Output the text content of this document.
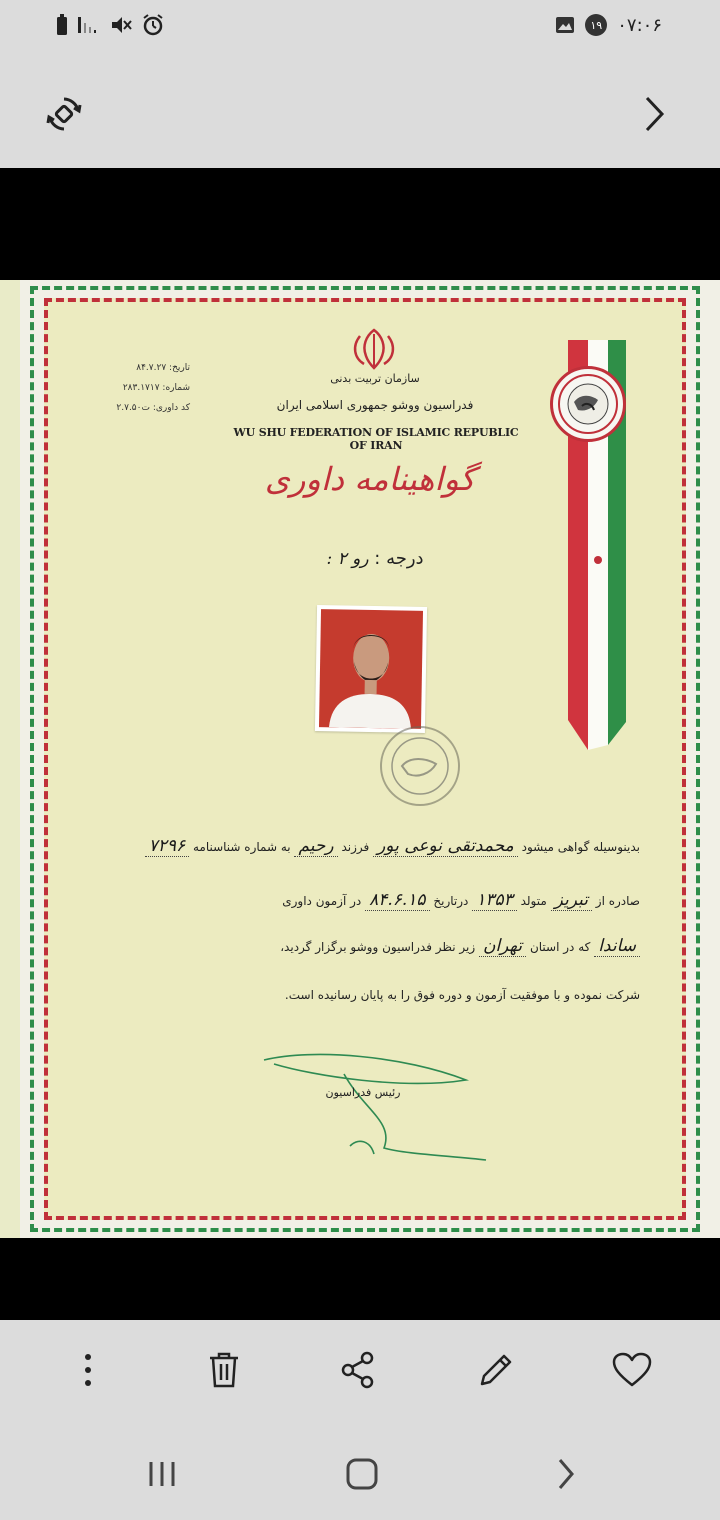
۱۹ ۰۷:۰۶
سازمان تربیت بدنی
فدراسیون ووشو جمهوری اسلامی ایران
WU SHU FEDERATION OF ISLAMIC REPUBLIC OF IRAN
تاریخ: ۸۴.۷.۲۷
شماره: ۲۸۳.۱۷۱۷
کد داوری: ت۲.۷.۵۰
گواهینامه داوری
درجه : رو ۲ :
بدینوسیله گواهی میشود محمدتقی نوعی پور فرزند رحیم به شماره شناسنامه ۷۲۹۶
صادره از تبریز متولد ۱۳۵۳ درتاریخ ۸۴.۶.۱۵ در آزمون داوری
ساندا که در استان تهران زیر نظر فدراسیون ووشو برگزار گردید،
شرکت نموده و با موفقیت آزمون و دوره فوق را به پایان رسانیده است.
رئیس فدراسیون
